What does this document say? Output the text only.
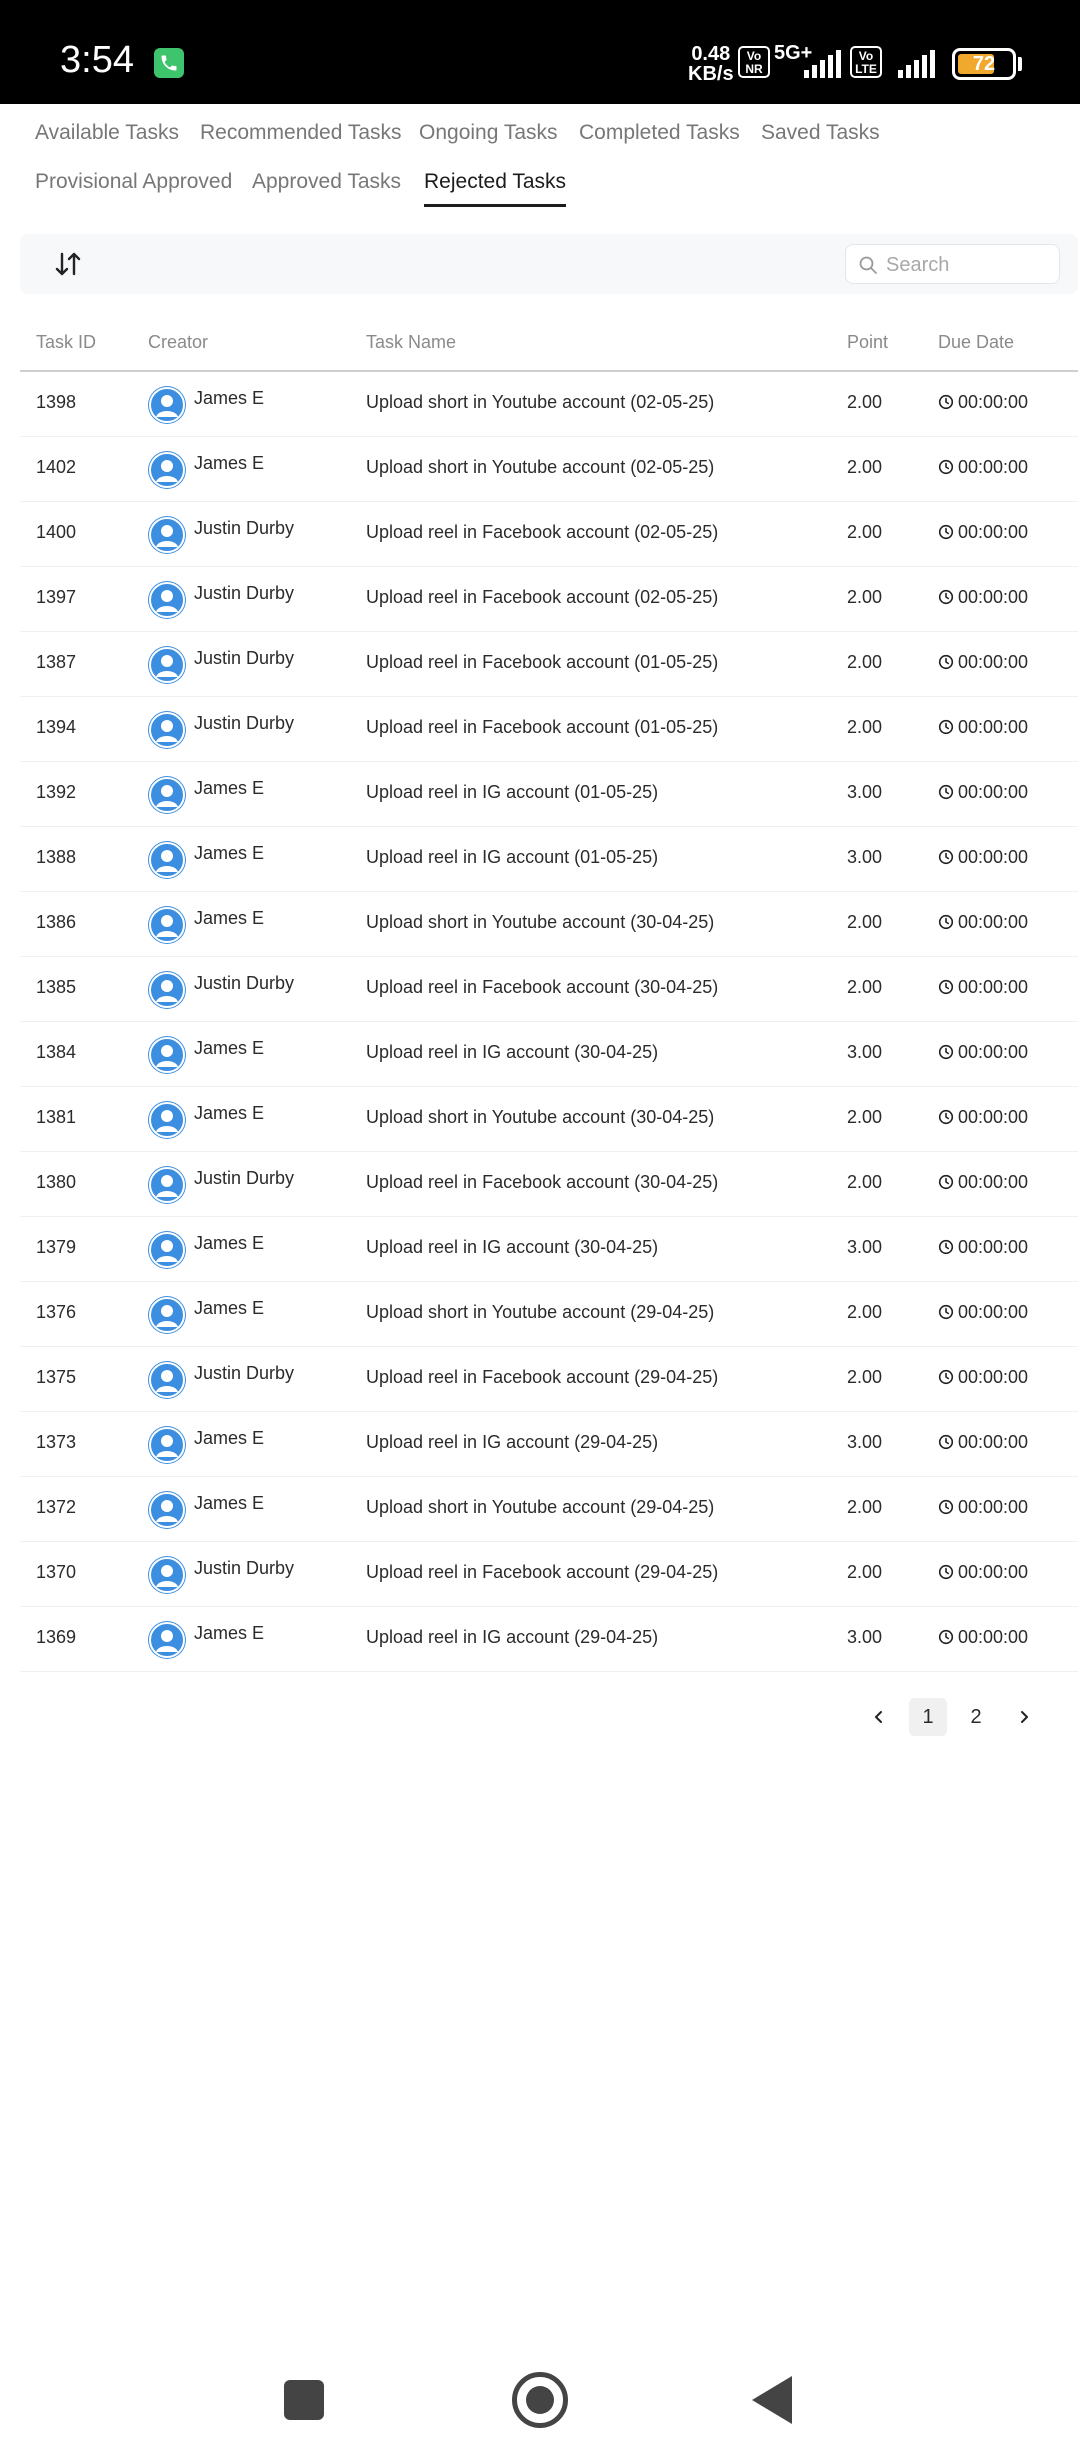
3:54	0.48
KB/s
Vo
NR
5G+	Vo
LTE	72
Available Tasks Recommended Tasks Ongoing Tasks Completed Tasks Saved Tasks
Provisional Approved Approved Tasks Rejected Tasks
Search
Task ID	Creator	Task Name	Point	Due Date
1398	James E	Upload short in Youtube account (02-05-25)	2.00	00:00:00
1402	James E	Upload short in Youtube account (02-05-25)	2.00	00:00:00
1400	Justin Durby	Upload reel in Facebook account (02-05-25)	2.00	00:00:00
1397	Justin Durby	Upload reel in Facebook account (02-05-25)	2.00	00:00:00
1387	Justin Durby	Upload reel in Facebook account (01-05-25)	2.00	00:00:00
1394	Justin Durby	Upload reel in Facebook account (01-05-25)	2.00	00:00:00
1392	James E	Upload reel in IG account (01-05-25)	3.00	00:00:00
1388	James E	Upload reel in IG account (01-05-25)	3.00	00:00:00
1386	James E	Upload short in Youtube account (30-04-25)	2.00	00:00:00
1385	Justin Durby	Upload reel in Facebook account (30-04-25)	2.00	00:00:00
1384	James E	Upload reel in IG account (30-04-25)	3.00	00:00:00
1381	James E	Upload short in Youtube account (30-04-25)	2.00	00:00:00
1380	Justin Durby	Upload reel in Facebook account (30-04-25)	2.00	00:00:00
1379	James E	Upload reel in IG account (30-04-25)	3.00	00:00:00
1376	James E	Upload short in Youtube account (29-04-25)	2.00	00:00:00
1375	Justin Durby	Upload reel in Facebook account (29-04-25)	2.00	00:00:00
1373	James E	Upload reel in IG account (29-04-25)	3.00	00:00:00
1372	James E	Upload short in Youtube account (29-04-25)	2.00	00:00:00
1370	Justin Durby	Upload reel in Facebook account (29-04-25)	2.00	00:00:00
1369	James E	Upload reel in IG account (29-04-25)	3.00	00:00:00
1	2
